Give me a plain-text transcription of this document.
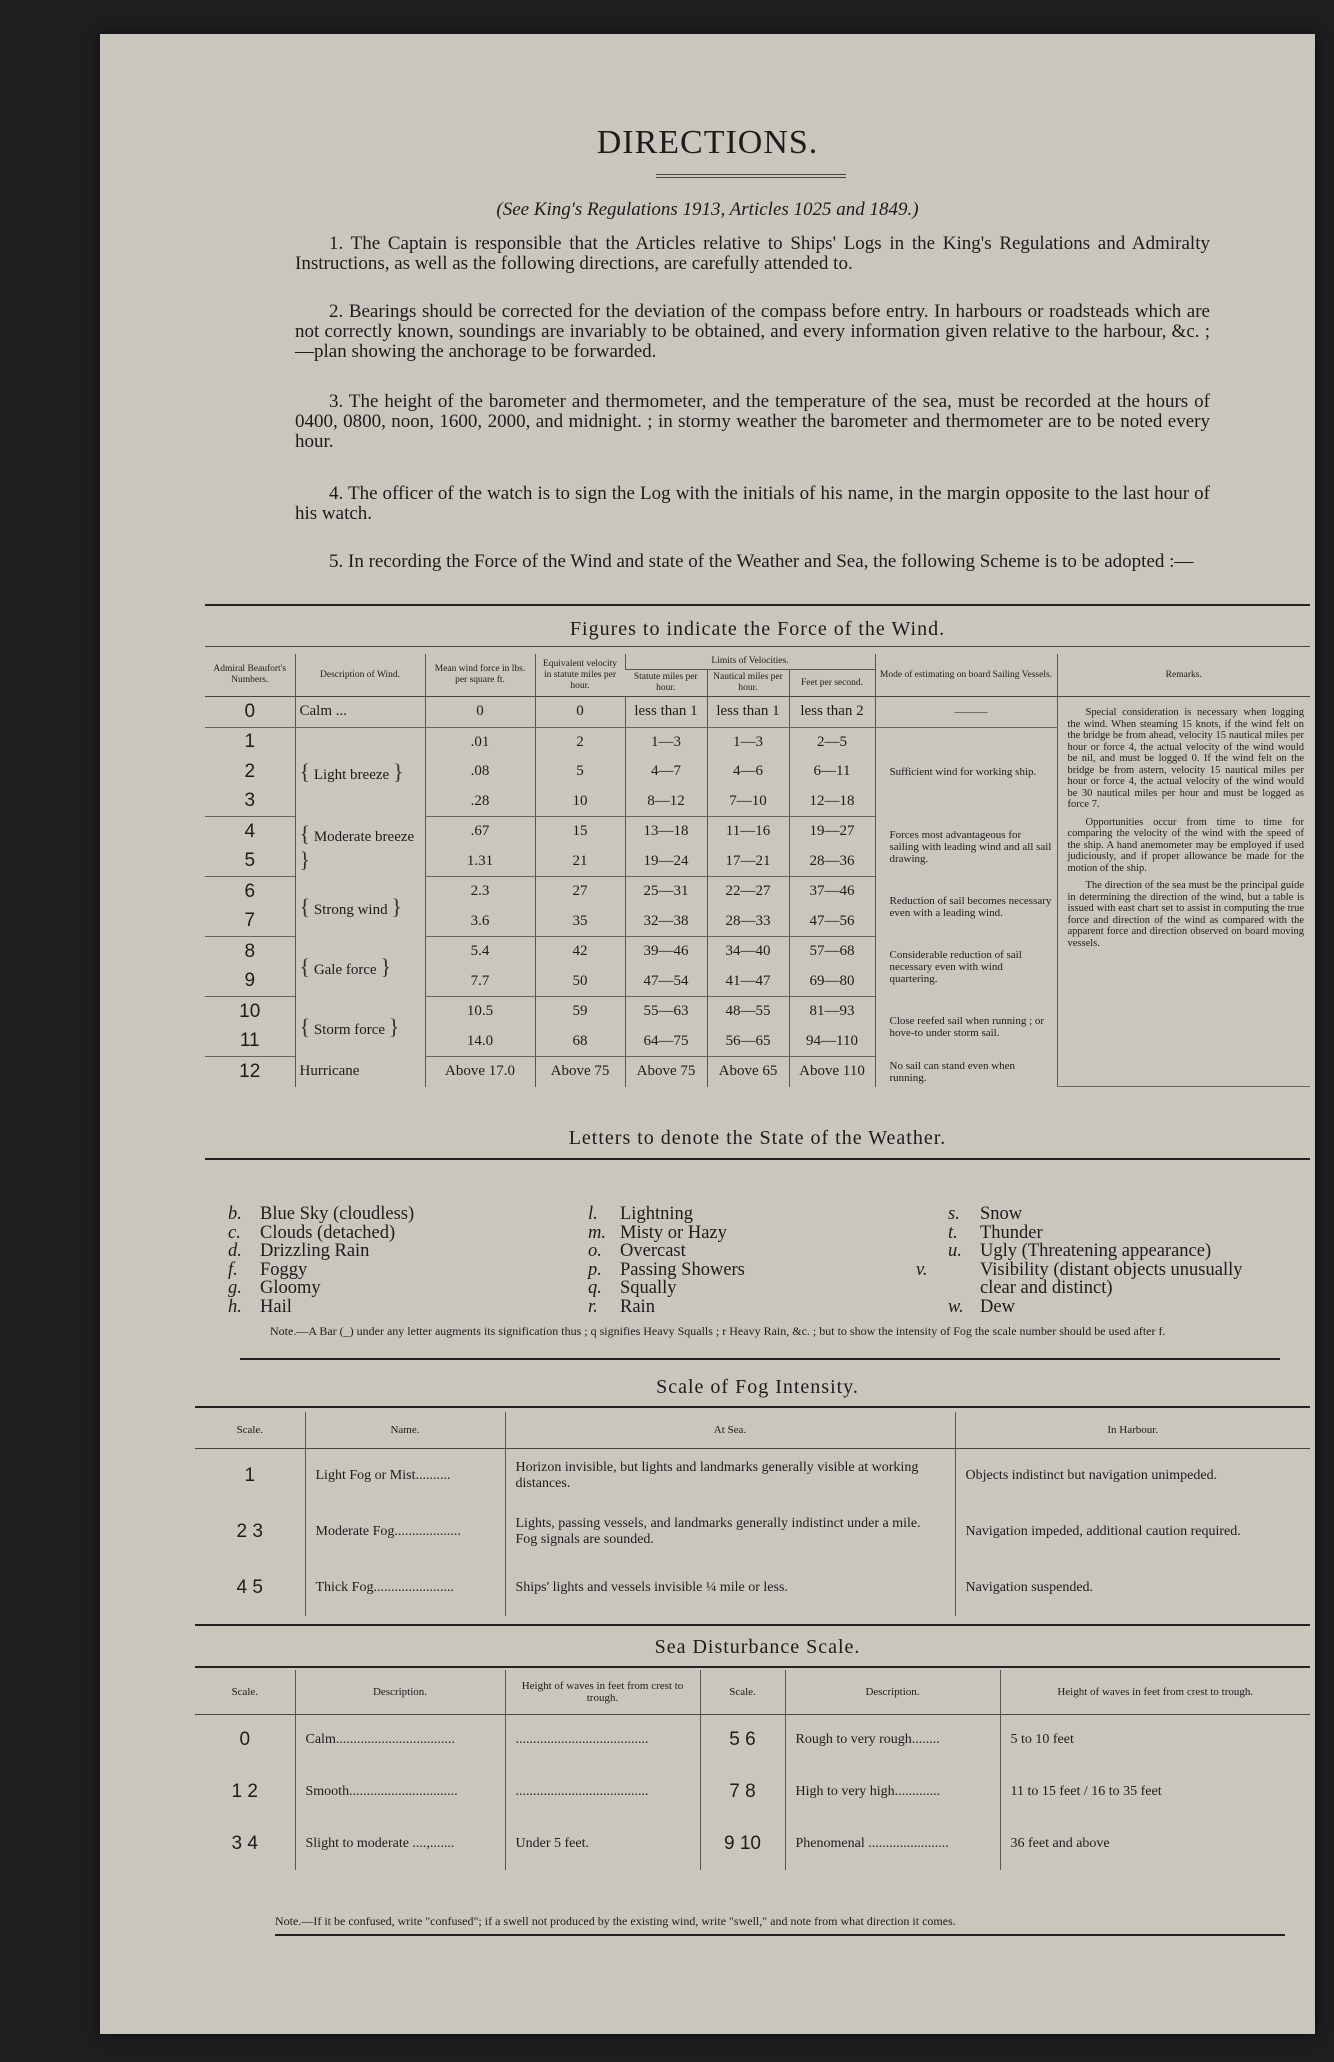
DIRECTIONS.
(See King's Regulations 1913, Articles 1025 and 1849.)
1. The Captain is responsible that the Articles relative to Ships' Logs in the King's Regulations and Admiralty Instructions, as well as the following directions, are carefully attended to.
2. Bearings should be corrected for the deviation of the compass before entry. In harbours or roadsteads which are not correctly known, soundings are invariably to be obtained, and every information given relative to the harbour, &c. ;—plan showing the anchorage to be forwarded.
3. The height of the barometer and thermometer, and the temperature of the sea, must be recorded at the hours of 0400, 0800, noon, 1600, 2000, and midnight. ; in stormy weather the barometer and thermometer are to be noted every hour.
4. The officer of the watch is to sign the Log with the initials of his name, in the margin opposite to the last hour of his watch.
5. In recording the Force of the Wind and state of the Weather and Sea, the following Scheme is to be adopted :—
Figures to indicate the Force of the Wind.
Admiral Beaufort's Numbers.	Description of Wind.	Mean wind force in lbs. per square ft.	Equivalent velocity in statute miles per hour.	Limits of Velocities.			Mode of estimating on board Sailing Vessels.	Remarks.
				Statute miles per hour.	Nautical miles per hour.	Feet per second.		
0	Calm ...	0	0	less than 1	less than 1	less than 2	———	Special consideration is necessary when logging the wind. When steaming 15 knots, if the wind felt on the bridge be from ahead, velocity 15 nautical miles per hour or force 4, the actual velocity of the wind would be nil, and must be logged 0. If the wind felt on the bridge be from astern, velocity 15 nautical miles per hour or force 4, the actual velocity of the wind would be 30 nautical miles per hour and must be logged as force 7.

Opportunities occur from time to time for comparing the velocity of the wind with the speed of the ship. A hand anemometer may be employed if used judiciously, and if proper allowance be made for the motion of the ship.

The direction of the sea must be the principal guide in determining the direction of the wind, but a table is issued with east chart set to assist in computing the true force and direction of the wind as compared with the apparent force and direction observed on board moving vessels.

1	{ Light breeze }	.01	2	1—3	1—3	2—5	Sufficient wind for working ship.	
2		.08	5	4—7	4—6	6—11		
3		.28	10	8—12	7—10	12—18		
4	{ Moderate breeze }	.67	15	13—18	11—16	19—27	Forces most advantageous for sailing with leading wind and all sail drawing.	
5		1.31	21	19—24	17—21	28—36		
6	{ Strong wind }	2.3	27	25—31	22—27	37—46	Reduction of sail becomes necessary even with a leading wind.	
7		3.6	35	32—38	28—33	47—56		
8	{ Gale force }	5.4	42	39—46	34—40	57—68	Considerable reduction of sail necessary even with wind quartering.	
9		7.7	50	47—54	41—47	69—80		
10	{ Storm force }	10.5	59	55—63	48—55	81—93	Close reefed sail when running ; or hove-to under storm sail.	
11		14.0	68	64—75	56—65	94—110		
12	Hurricane	Above 17.0	Above 75	Above 75	Above 65	Above 110	No sail can stand even when running.	
Letters to denote the State of the Weather.
b. Blue Sky (cloudless)
c. Clouds (detached)
d. Drizzling Rain
f. Foggy
g. Gloomy
h. Hail
l. Lightning
m. Misty or Hazy
o. Overcast
p. Passing Showers
q. Squally
r. Rain
s. Snow
t. Thunder
u. Ugly (Threatening appearance)
v.	Visibility (distant objects unusually clear and distinct)
w. Dew
Note.—A Bar (_) under any letter augments its signification thus ; q signifies Heavy Squalls ; r Heavy Rain, &c. ; but to show the intensity of Fog the scale number should be used after f.
Scale of Fog Intensity.
Scale.	Name.	At Sea.	In Harbour.
1	Light Fog or Mist..........	Horizon invisible, but lights and landmarks generally visible at working distances.	Objects indistinct but navigation unimpeded.
2 3	Moderate Fog...................	Lights, passing vessels, and landmarks generally indistinct under a mile. Fog signals are sounded.	Navigation impeded, additional caution required.
4 5	Thick Fog.......................	Ships' lights and vessels invisible ¼ mile or less.	Navigation suspended.
Sea Disturbance Scale.
Scale.	Description.	Height of waves in feet from crest to trough.	Scale.	Description.	Height of waves in feet from crest to trough.
0	Calm..................................	......................................	5 6	Rough to very rough........	5 to 10 feet
1 2	Smooth...............................	......................................	7 8	High to very high.............	11 to 15 feet / 16 to 35 feet
3 4	Slight to moderate ....,.......	Under 5 feet.	9 10	Phenomenal .......................	36 feet and above
Note.—If it be confused, write "confused"; if a swell not produced by the existing wind, write "swell," and note from what direction it comes.
